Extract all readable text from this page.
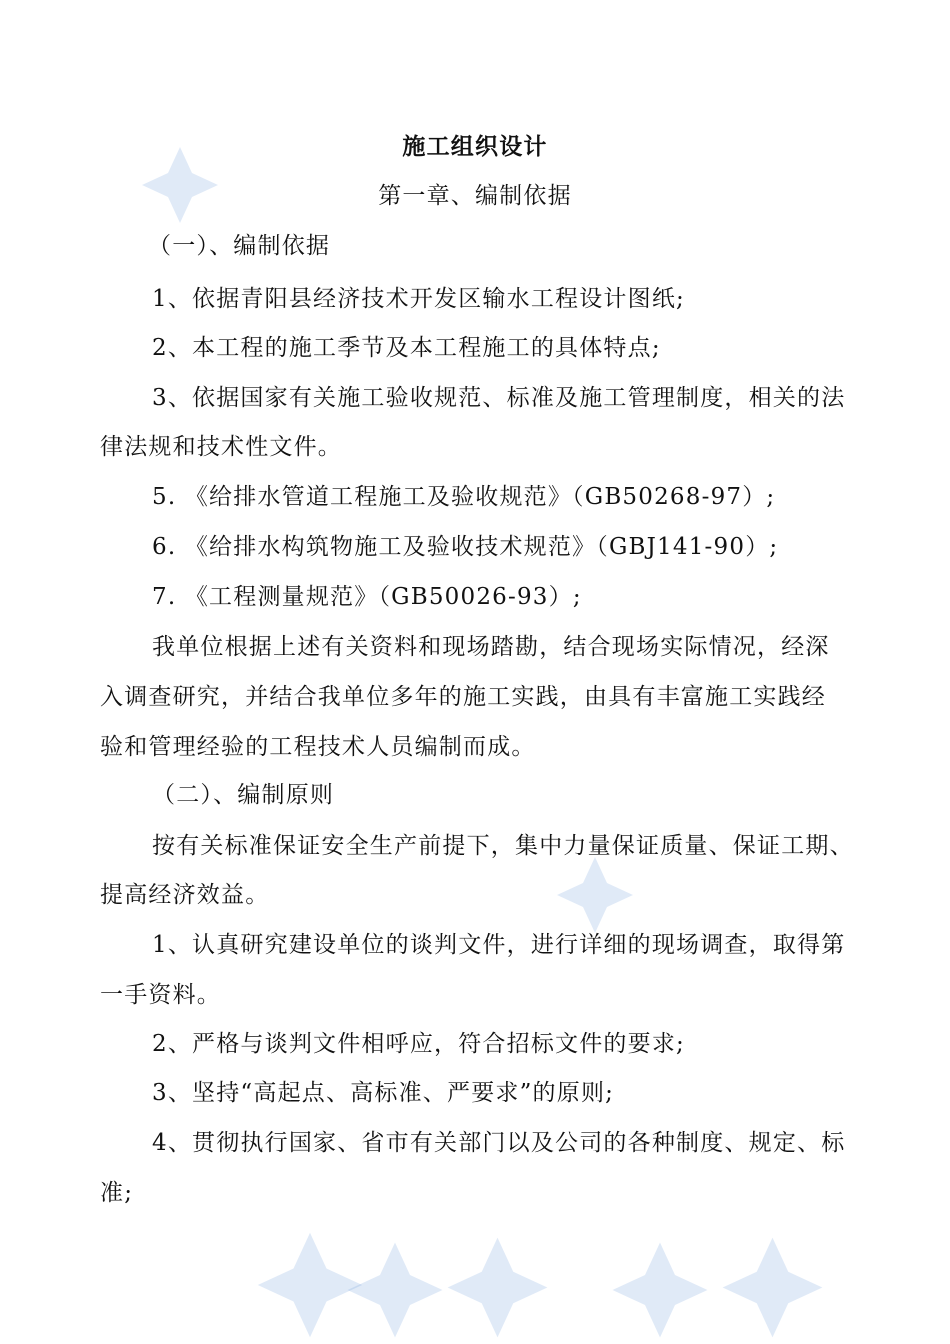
施工组织设计
第一章、编制依据
（一）、编制依据
1、依据青阳县经济技术开发区输水工程设计图纸;
2、本工程的施工季节及本工程施工的具体特点;
3、依据国家有关施工验收规范、标准及施工管理制度，相关的法
律法规和技术性文件。
5. 《给排水管道工程施工及验收规范》（GB50268-97）;
6. 《给排水构筑物施工及验收技术规范》（GBJ141-90）;
7. 《工程测量规范》（GB50026-93）;
我单位根据上述有关资料和现场踏勘，结合现场实际情况，经深
入调查研究，并结合我单位多年的施工实践，由具有丰富施工实践经
验和管理经验的工程技术人员编制而成。
（二）、编制原则
按有关标准保证安全生产前提下，集中力量保证质量、保证工期、
提高经济效益。
1、认真研究建设单位的谈判文件，进行详细的现场调查，取得第
一手资料。
2、严格与谈判文件相呼应，符合招标文件的要求;
3、坚持“高起点、高标准、严要求”的原则;
4、贯彻执行国家、省市有关部门以及公司的各种制度、规定、标
准;
